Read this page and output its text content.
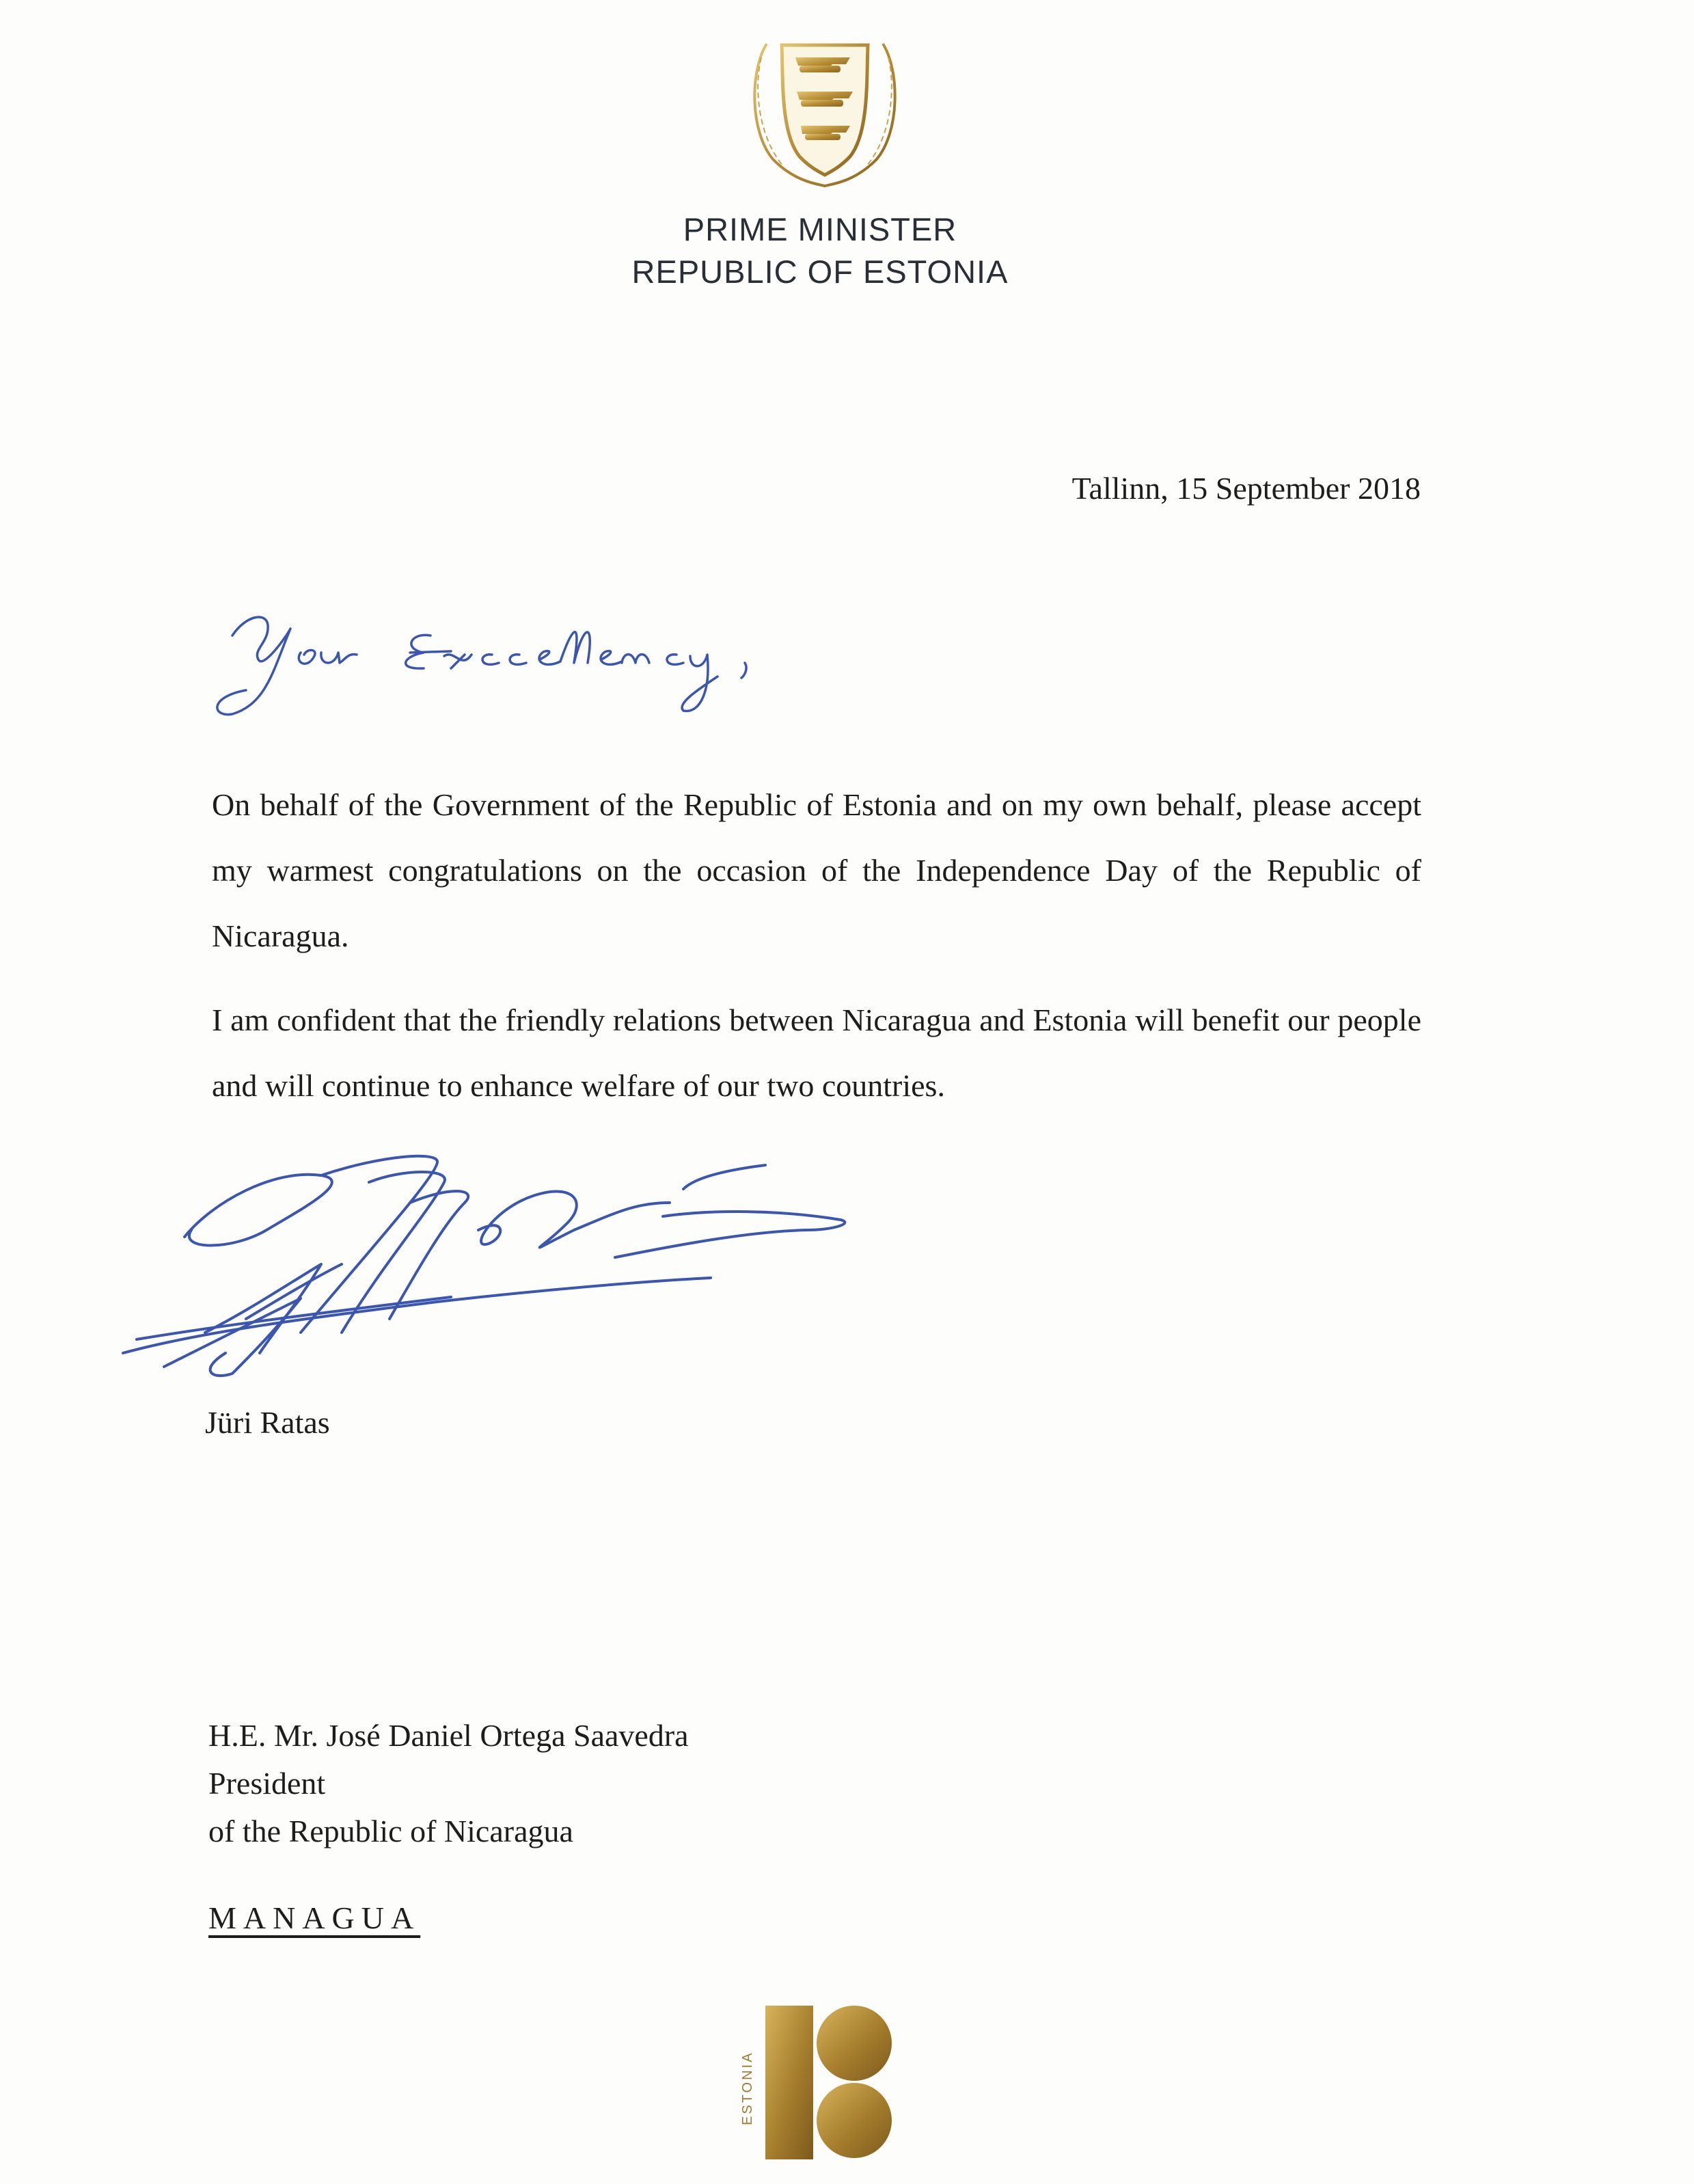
PRIME MINISTER
REPUBLIC OF ESTONIA
Tallinn, 15 September 2018
On behalf of the Government of the Republic of Estonia and on my own behalf, please accept my warmest congratulations on the occasion of the Independence Day of the Republic of Nicaragua.
I am confident that the friendly relations between Nicaragua and Estonia will benefit our people and will continue to enhance welfare of our two countries.
Jüri Ratas
H.E. Mr. José Daniel Ortega Saavedra
President
of the Republic of Nicaragua
MANAGUA
ESTONIA
